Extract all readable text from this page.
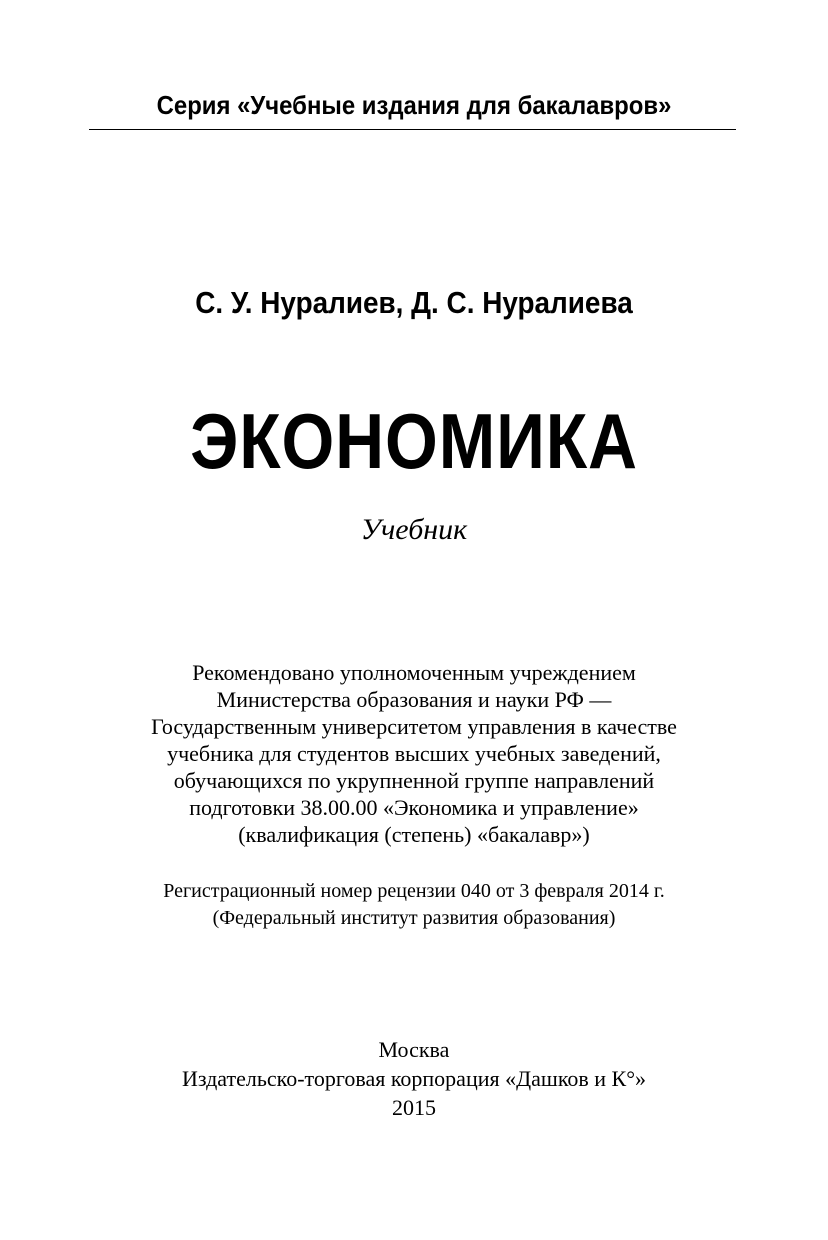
Серия «Учебные издания для бакалавров»
С. У. Нуралиев, Д. С. Нуралиева
ЭКОНОМИКА
Учебник
Рекомендовано уполномоченным учреждением
Министерства образования и науки РФ —
Государственным университетом управления в качестве
учебника для студентов высших учебных заведений,
обучающихся по укрупненной группе направлений
подготовки 38.00.00 «Экономика и управление»
(квалификация (степень) «бакалавр»)
Регистрационный номер рецензии 040 от 3 февраля 2014 г.
(Федеральный институт развития образования)
Москва
Издательско-торговая корпорация «Дашков и К°»
2015
